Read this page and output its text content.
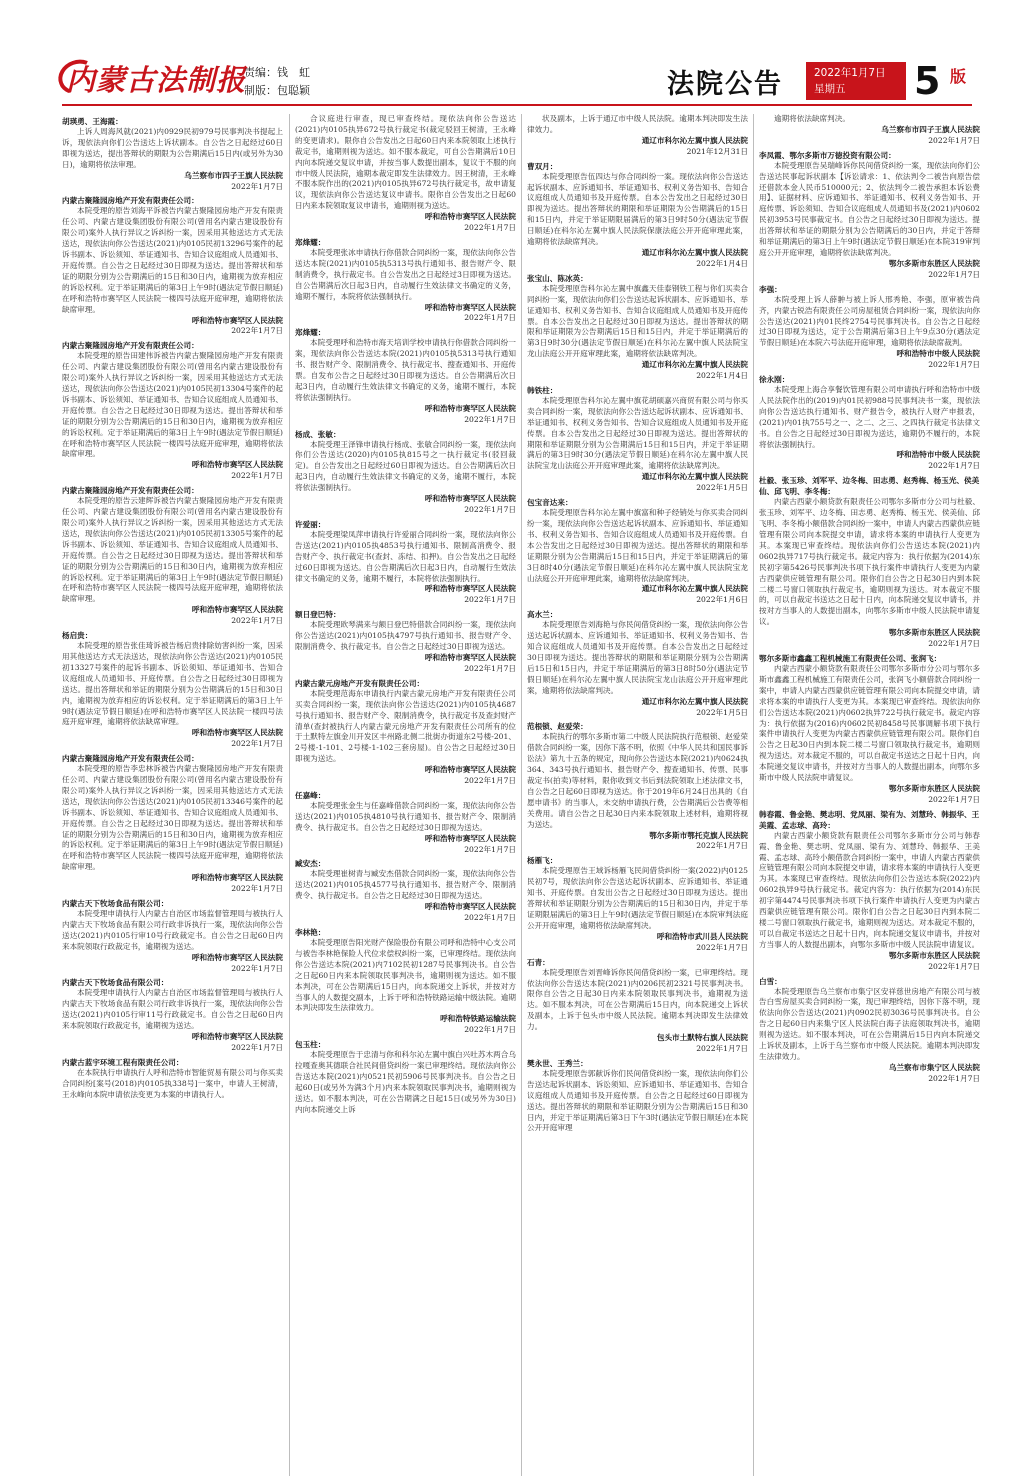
内蒙古法制报
责编：钱　虹
制版：包聪颖	法院公告	2022年1月7日
星期五	5 版
胡瑛勇、王海霞：
上诉人周海风就(2021)内0929民初979号民事判决书提起上诉，现依法向你们公告送达上诉状副本。自公告之日起经过60日即视为送达，提出答辩状的期限为公告期满后15日内(或另外为30日)，逾期将依法审理。
乌兰察布市四子王旗人民法院
2022年1月7日
内蒙古聚隆园房地产开发有限责任公司：
本院受理的原告刘海平诉被告内蒙古聚隆园房地产开发有限责任公司、内蒙古建设集团股份有限公司(曾用名内蒙古建设股份有限公司)案外人执行异议之诉纠纷一案，因采用其他送达方式无法送达，现依法向你公告送达(2021)内0105民初13296号案件的起诉书副本、诉讼须知、举证通知书、告知合议庭组成人员通知书、开庭传票。自公告之日起经过30日即视为送达。提出答辩状和举证的期限分别为公告期满后的15日和30日内，逾期视为放弃相应的诉讼权利。定于举证期满后的第3日上午9时(遇法定节假日顺延)在呼和浩特市赛罕区人民法院一楼四号法庭开庭审理，逾期将依法缺席审理。
呼和浩特市赛罕区人民法院
2022年1月7日
内蒙古聚隆园房地产开发有限责任公司：
本院受理的原告田建伟诉被告内蒙古聚隆园房地产开发有限责任公司、内蒙古建设集团股份有限公司(曾用名内蒙古建设股份有限公司)案外人执行异议之诉纠纷一案，因采用其他送达方式无法送达，现依法向你公告送达(2021)内0105民初13304号案件的起诉书副本、诉讼须知、举证通知书、告知合议庭组成人员通知书、开庭传票。自公告之日起经过30日即视为送达。提出答辩状和举证的期限分别为公告期满后的15日和30日内，逾期视为放弃相应的诉讼权利。定于举证期满后的第3日上午9时(遇法定节假日顺延)在呼和浩特市赛罕区人民法院一楼四号法庭开庭审理，逾期将依法缺席审理。
呼和浩特市赛罕区人民法院
2022年1月7日
内蒙古聚隆园房地产开发有限责任公司：
本院受理的原告云建辉诉被告内蒙古聚隆园房地产开发有限责任公司、内蒙古建设集团股份有限公司(曾用名内蒙古建设股份有限公司)案外人执行异议之诉纠纷一案，因采用其他送达方式无法送达，现依法向你公告送达(2021)内0105民初13305号案件的起诉书副本、诉讼须知、举证通知书、告知合议庭组成人员通知书、开庭传票。自公告之日起经过30日即视为送达。提出答辩状和举证的期限分别为公告期满后的15日和30日内，逾期视为放弃相应的诉讼权利。定于举证期满后的第3日上午9时(遇法定节假日顺延)在呼和浩特市赛罕区人民法院一楼四号法庭开庭审理，逾期将依法缺席审理。
呼和浩特市赛罕区人民法院
2022年1月7日
杨启贵：
本院受理的原告张佳琦诉被告杨启贵排除妨害纠纷一案，因采用其他送达方式无法送达，现依法向你公告送达(2021)内0105民初13327号案件的起诉书副本、诉讼须知、举证通知书、告知合议庭组成人员通知书、开庭传票。自公告之日起经过30日即视为送达。提出答辩状和举证的期限分别为公告期满后的15日和30日内，逾期视为放弃相应的诉讼权利。定于举证期满后的第3日上午9时(遇法定节假日顺延)在呼和浩特市赛罕区人民法院一楼四号法庭开庭审理，逾期将依法缺席审理。
呼和浩特市赛罕区人民法院
2022年1月7日
内蒙古聚隆园房地产开发有限责任公司：
本院受理的原告李忠林诉被告内蒙古聚隆园房地产开发有限责任公司、内蒙古建设集团股份有限公司(曾用名内蒙古建设股份有限公司)案外人执行异议之诉纠纷一案，因采用其他送达方式无法送达，现依法向你公告送达(2021)内0105民初13346号案件的起诉书副本、诉讼须知、举证通知书、告知合议庭组成人员通知书、开庭传票。自公告之日起经过30日即视为送达。提出答辩状和举证的期限分别为公告期满后的15日和30日内，逾期视为放弃相应的诉讼权利。定于举证期满后的第3日上午9时(遇法定节假日顺延)在呼和浩特市赛罕区人民法院一楼四号法庭开庭审理，逾期将依法缺席审理。
呼和浩特市赛罕区人民法院
2022年1月7日
内蒙古天下牧场食品有限公司：
本院受理申请执行人内蒙古自治区市场监督管理局与被执行人内蒙古天下牧场食品有限公司行政非诉执行一案，现依法向你公告送达(2021)内0105行审10号行政裁定书。自公告之日起60日内来本院领取行政裁定书，逾期视为送达。
呼和浩特市赛罕区人民法院
2022年1月7日
内蒙古天下牧场食品有限公司：
本院受理申请执行人内蒙古自治区市场监督管理局与被执行人内蒙古天下牧场食品有限公司行政非诉执行一案，现依法向你公告送达(2021)内0105行审11号行政裁定书。自公告之日起60日内来本院领取行政裁定书，逾期视为送达。
呼和浩特市赛罕区人民法院
2022年1月7日
内蒙古蓝宇环境工程有限责任公司：
在本院执行申请执行人呼和浩特市智能贸易有限公司与你买卖合同纠纷[案号(2018)内0105执338号]一案中，申请人王树清，王永峰向本院申请依法变更为本案的申请执行人。
合议庭进行审查，现已审查终结。现依法向你公告送达(2021)内0105执异672号执行裁定书(裁定驳回王树清，王永峰的变更请求)。限你自公告发出之日起60日内来本院领取上述执行裁定书，逾期则视为送达。如不服本裁定，可自公告期满后10日内向本院递交复议申请，并按当事人数提出副本，复议于不服的向市中级人民法院，逾期本裁定即发生法律效力。因王树清，王永峰不服本院作出的(2021)内0105执异672号执行裁定书，故申请复议，现依法向你公告送达复议申请书。限你自公告发出之日起60日内来本院领取复议申请书，逾期则视为送达。
呼和浩特市赛罕区人民法院
2022年1月7日
郑烽耀：
本院受理张冰申请执行你借款合同纠纷一案，现依法向你公告送达本院(2021)内0105执5313号执行通知书、报告财产令、限制消费令，执行裁定书。自公告发出之日起经过3日即视为送达。自公告期满后次日起3日内，自动履行生效法律文书确定的义务，逾期不履行，本院将依法强制执行。
呼和浩特市赛罕区人民法院
2022年1月7日
郑烽耀：
本院受理呼和浩特市海天培训学校申请执行你借款合同纠纷一案，现依法向你公告送达本院(2021)内0105执5313号执行通知书、报告财产令、限制消费令、执行裁定书、搜查通知书、开庭传票。自发布公告之日起经过30日即视为送达。自公告期满后次日起3日内，自动履行生效法律文书确定的义务，逾期不履行，本院将依法强制执行。
呼和浩特市赛罕区人民法院
2022年1月7日
杨成、张敏：
本院受理王泽锋申请执行杨成、张敏合同纠纷一案，现依法向你们公告送达(2020)内0105执815号之一执行裁定书(驳回裁定)。自公告发出之日起经过60日即视为送达。自公告期满后次日起3日内，自动履行生效法律文书确定的义务，逾期不履行，本院将依法强制执行。
呼和浩特市赛罕区人民法院
2022年1月7日
许爱丽：
本院受理梁凤萍申请执行许爱丽合同纠纷一案，现依法向你公告送达(2021)内0105执4853号执行通知书、限制高消费令、报告财产令、执行裁定书(查封、冻结、扣押)。自公告发出之日起经过60日即视为送达。自公告期满后次日起3日内，自动履行生效法律文书确定的义务，逾期不履行，本院将依法强制执行。
呼和浩特市赛罕区人民法院
2022年1月7日
额日登巴特：
本院受理欧琴满来与额日登巴特借款合同纠纷一案，现依法向你公告送达(2021)内0105执4797号执行通知书、报告财产令、限制消费令、执行裁定书。自公告之日起经过30日即视为送达。
呼和浩特市赛罕区人民法院
2022年1月7日
内蒙古蒙元房地产开发有限责任公司：
本院受理范海东申请执行内蒙古蒙元房地产开发有限责任公司买卖合同纠纷一案，现依法向你公告送达(2021)内0105执4687号执行通知书、报告财产令、限制消费令，执行裁定书及查封财产清单(查封被执行人内蒙古蒙元房地产开发有限责任公司所有的位于土默特左旗金川开发区丰州路北侧二批街办街道东2号楼-201、2号楼-1-101、2号楼-1-102三套房屋)。自公告之日起经过30日即视为送达。
呼和浩特市赛罕区人民法院
2022年1月7日
任嘉峰：
本院受理张金生与任嘉峰借款合同纠纷一案，现依法向你公告送达(2021)内0105执4810号执行通知书、报告财产令、限制消费令、执行裁定书。自公告之日起经过30日即视为送达。
呼和浩特市赛罕区人民法院
2022年1月7日
臧安杰：
本院受理崔树青与臧安杰借款合同纠纷一案，现依法向你公告送达(2021)内0105执4577号执行通知书、报告财产令、限制消费令、执行裁定书。自公告之日起经过30日即视为送达。
呼和浩特市赛罕区人民法院
2022年1月7日
李林艳：
本院受理原告阳光财产保险股份有限公司呼和浩特中心支公司与被告李林艳保险人代位求偿权纠纷一案，已审理终结。现依法向你公告送达本院(2021)内7102民初1287号民事判决书。自公告之日起60日内来本院领取民事判决书，逾期则视为送达。如不服本判决，可在公告期满后15日内，向本院递交上诉状，并按对方当事人的人数提交副本，上诉于呼和浩特铁路运输中级法院。逾期本判决即发生法律效力。
呼和浩特铁路运输法院
2022年1月7日
包玉柱：
本院受理原告于忠清与你和科尔沁左翼中旗白兴吐苏木两合乌拉嘎查奥其德联合社民间借贷纠纷一案已审理终结。现依法向你公告送达本院(2021)内0521民初5906号民事判决书。自公告之日起60日(或另外为满3个月)内来本院领取民事判决书，逾期则视为送达。如不服本判决，可在公告期满之日起15日(或另外为30日)内向本院递交上诉
状及副本，上诉于通辽市中级人民法院。逾期本判决即发生法律效力。
通辽市科尔沁左翼中旗人民法院
2021年12月31日
曹双月：
本院受理原告伍四达与你合同纠纷一案。现依法向你公告送达起诉状副本、应诉通知书、举证通知书、权利义务告知书、告知合议庭组成人员通知书及开庭传票。自本公告发出之日起经过30日即视为送达。提出答辩状的期限和举证期限为公告期满后的15日和15日内，并定于举证期限届满后的第3日9时50分(遇法定节假日顺延)在科尔沁左翼中旗人民法院保康法庭公开开庭审理此案，逾期将依法缺席判决。
通辽市科尔沁左翼中旗人民法院
2022年1月4日
张宝山、陈冰英：
本院受理原告科尔沁左翼中旗鑫天佳泰钢铁工程与你们买卖合同纠纷一案，现依法向你们公告送达起诉状副本、应诉通知书、举证通知书、权利义务告知书、告知合议庭组成人员通知书及开庭传票。自本公告发出之日起经过30日即视为送达。提出答辩状的期限和举证期限为公告期满后15日和15日内，并定于举证期满后的第3日9时30分(遇法定节假日顺延)在科尔沁左翼中旗人民法院宝龙山法庭公开开庭审理此案，逾期将依法缺席判决。
通辽市科尔沁左翼中旗人民法院
2022年1月4日
韩铁柱：
本院受理原告科尔沁左翼中旗花胡硕嘉兴商贸有限公司与你买卖合同纠纷一案，现依法向你公告送达起诉状副本、应诉通知书、举证通知书、权利义务告知书、告知合议庭组成人员通知书及开庭传票。自本公告发出之日起经过30日即视为送达。提出答辩状的期限和举证期限分别为公告期满后15日和15日内，并定于举证期满后的第3日9时30分(遇法定节假日顺延)在科尔沁左翼中旗人民法院宝龙山法庭公开开庭审理此案，逾期将依法缺席判决。
通辽市科尔沁左翼中旗人民法院
2022年1月5日
包宝音达来：
本院受理原告科尔沁左翼中旗富和种子经销处与你买卖合同纠纷一案，现依法向你公告送达起诉状副本、应诉通知书、举证通知书、权利义务告知书、告知合议庭组成人员通知书及开庭传票。自本公告发出之日起经过30日即视为送达。提出答辩状的期限和举证期限分别为公告期满后15日和15日内，并定于举证期满后的第3日8时40分(遇法定节假日顺延)在科尔沁左翼中旗人民法院宝龙山法庭公开开庭审理此案，逾期将依法缺席判决。
通辽市科尔沁左翼中旗人民法院
2022年1月6日
高水兰：
本院受理原告刘海艳与你民间借贷纠纷一案，现依法向你公告送达起诉状副本、应诉通知书、举证通知书、权利义务告知书、告知合议庭组成人员通知书及开庭传票。自本公告发出之日起经过30日即视为送达。提出答辩状的期限和举证期限分别为公告期满后15日和15日内，并定于举证期满后的第3日8时50分(遇法定节假日顺延)在科尔沁左翼中旗人民法院宝龙山法庭公开开庭审理此案，逾期将依法缺席判决。
通辽市科尔沁左翼中旗人民法院
2022年1月5日
范根锁、赵爱荣：
本院执行的鄂尔多斯市第二中级人民法院执行范根锁、赵爱荣借款合同纠纷一案，因你下落不明，依照《中华人民共和国民事诉讼法》第九十五条的规定，现向你公告送达本院(2021)内0624执364、343号执行通知书、报告财产令、搜查通知书、传票、民事裁定书(拍卖)等材料，限你收到文书后到法院领取上述法律文书，自公告之日起60日即视为送达。你于2019年6月24日出具的《自愿申请书》的当事人，未交纳申请执行费，公告期满后公告费等相关费用。请自公告之日起30日内来本院领取上述材料，逾期将视为送达。
鄂尔多斯市鄂托克旗人民法院
2022年1月7日
杨雁飞：
本院受理原告王域诉杨雁飞民间借贷纠纷一案(2022)内0125民初7号，现依法向你公告送达起诉状副本、应诉通知书、举证通知书、开庭传票。自发出公告之日起经过30日即视为送达。提出答辩状和举证期限分别为公告期满后的15日和30日内，并定于举证期限届满后的第3日上午9时(遇法定节假日顺延)在本院审判法庭公开开庭审理，逾期将依法缺席判决。
呼和浩特市武川县人民法院
2022年1月7日
石青：
本院受理原告刘晋峰诉你民间借贷纠纷一案，已审理终结。现依法向你公告送达本院(2021)内0206民初2321号民事判决书。限你自公告之日起30日内来本院领取民事判决书，逾期视为送达。如不服本判决，可在公告期满后15日内，向本院递交上诉状及副本，上诉于包头市中级人民法院。逾期本判决即发生法律效力。
包头市土默特右旗人民法院
2022年1月7日
樊永世、王秀兰：
本院受理原告郭献诉你们民间借贷纠纷一案，现依法向你们公告送达起诉状副本、诉讼须知、应诉通知书、举证通知书、告知合议庭组成人员通知书及开庭传票。自公告之日起经过60日即视为送达。提出答辩状的期限和举证期限分别为公告期满后15日和30日内，并定于举证期满后第3日下午3时(遇法定节假日顺延)在本院公开开庭审理
逾期将依法缺席判决。
乌兰察布市四子王旗人民法院
2022年1月7日
李凤霞、鄂尔多斯市万徳投资有限公司：
本院受理原告吴瑞峰诉你民间借贷纠纷一案，现依法向你们公告送达民事起诉状副本【诉讼请求：1、依法判令二被告向原告偿还借款本金人民币510000元；2、依法判令二被告承担本诉讼费用】、证据材料、应诉通知书、举证通知书、权利义务告知书、开庭传票、诉讼须知、告知合议庭组成人员通知书及(2021)内0602民初3953号民事裁定书。自公告之日起经过30日即视为送达。提出答辩状和举证的期限分别为公告期满后的30日内，并定于答辩和举证期满后的第3日上午9时(遇法定节假日顺延)在本院319审判庭公开开庭审理，逾期将依法缺席判决。
鄂尔多斯市东胜区人民法院
2022年1月7日
李强：
本院受理上诉人薛翀与被上诉人邢秀艳、李强，原审被告尚齐，内蒙古锐浩有限责任公司房屋租赁合同纠纷一案，现依法向你公告送达(2021)内01民终2754号民事判决书。自公告之日起经过30日即视为送达，定于公告期满后第3日上午9点30分(遇法定节假日顺延)在本院六号法庭开庭审理，逾期将依法缺席裁判。
呼和浩特市中级人民法院
2022年1月7日
徐永刚：
本院受理上海合享餐饮管理有限公司申请执行呼和浩特市中级人民法院作出的(2019)内01民初988号民事判决书一案，现依法向你公告送达执行通知书、财产报告令，被执行人财产申报表，(2021)内01执755号之一、之二、之三、之四执行裁定书法律文书。自公告之日起经过30日即视为送达，逾期仍不履行的，本院将依法强制执行。
呼和浩特市中级人民法院
2022年1月7日
杜毅、张玉珍、刘军平、边冬梅、田志勇、赵秀梅、杨玉光、侯美仙、邱飞明、李冬梅：
内蒙古西蒙小额贷款有限责任公司鄂尔多斯市分公司与杜毅、张玉珍、刘军平、边冬梅、田志勇、赵秀梅、杨玉光、侯美仙、邱飞明、李冬梅小额借款合同纠纷一案中，申请人内蒙古西蒙供应链管理有限公司向本院提交申请，请求将本案的申请执行人变更为其。本案现已审查终结。现依法向你们公告送达本院(2021)内0602执异717号执行裁定书。裁定内容为：执行依据为(2014)东民初字第5426号民事判决书项下执行案件申请执行人变更为内蒙古西蒙供应链管理有限公司。限你们自公告之日起30日内到本院二楼二号窗口领取执行裁定书，逾期则视为送达。对本裁定不服的，可以自裁定书送达之日起十日内，向本院递交复议申请书，并按对方当事人的人数提出副本，向鄂尔多斯市中级人民法院申请复议。
鄂尔多斯市东胜区人民法院
2022年1月7日
鄂尔多斯市鑫鑫工程机械施工有限责任公司、张润飞：
内蒙古西蒙小额贷款有限责任公司鄂尔多斯市分公司与鄂尔多斯市鑫鑫工程机械施工有限责任公司，张润飞小额借款合同纠纷一案中，申请人内蒙古西蒙供应链管理有限公司向本院提交申请，请求将本案的申请执行人变更为其。本案现已审查终结。现依法向你们公告送达本院(2021)内0602执异722号执行裁定书。裁定内容为：执行依据为(2016)内0602民初8458号民事调解书项下执行案件申请执行人变更为内蒙古西蒙供应链管理有限公司。限你们自公告之日起30日内到本院二楼二号窗口领取执行裁定书，逾期则视为送达。对本裁定不服的，可以自裁定书送达之日起十日内，向本院递交复议申请书，并按对方当事人的人数提出副本，向鄂尔多斯市中级人民法院申请复议。
鄂尔多斯市东胜区人民法院
2022年1月7日
韩春霞、鲁金艳、樊志明、党凤丽、梁有为、刘慧玲、韩振华、王美霞、孟志球、高玲：
内蒙古西蒙小额贷款有限责任公司鄂尔多斯市分公司与韩春霞、鲁金艳、樊志明、党凤丽、梁有为、刘慧玲、韩振华、王美霞、孟志球、高玲小额借款合同纠纷一案中，申请人内蒙古西蒙供应链管理有限公司向本院提交申请，请求将本案的申请执行人变更为其。本案现已审查终结。现依法向你们公告送达本院(2022)内0602执异9号执行裁定书。裁定内容为：执行依据为(2014)东民初字第4474号民事判决书项下执行案件申请执行人变更为内蒙古西蒙供应链管理有限公司。限你们自公告之日起30日内到本院二楼二号窗口领取执行裁定书，逾期则视为送达。对本裁定不服的，可以自裁定书送达之日起十日内，向本院递交复议申请书，并按对方当事人的人数提出副本，向鄂尔多斯市中级人民法院申请复议。
鄂尔多斯市东胜区人民法院
2022年1月7日
白雪：
本院受理原告乌兰察布市集宁区安祥慈世房地产有限公司与被告白雪房屋买卖合同纠纷一案，现已审理终结，因你下落不明，现依法向你公告送达(2021)内0902民初3036号民事判决书。自公告之日起60日内来集宁区人民法院白海子法庭领取判决书，逾期则视为送达。如不服本判决，可在公告期满后15日内向本院递交上诉状及副本，上诉于乌兰察布市中级人民法院。逾期本判决即发生法律效力。
乌兰察布市集宁区人民法院
2022年1月7日
